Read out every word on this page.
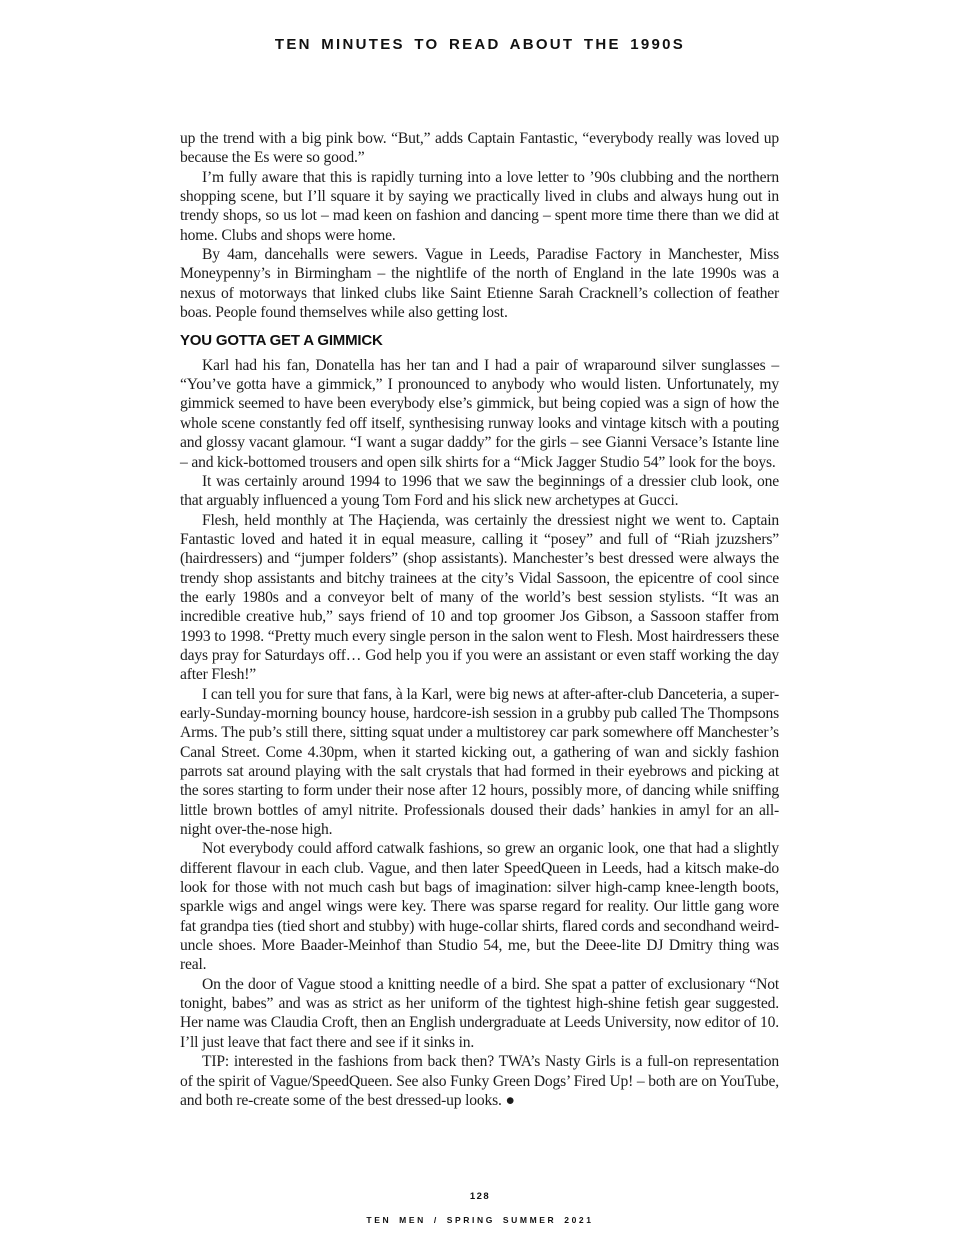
TEN MINUTES TO READ ABOUT THE 1990S

up the trend with a big pink bow. “But,” adds Captain Fantastic, “everybody really was loved up because the Es were so good.”

I’m fully aware that this is rapidly turning into a love letter to ’90s clubbing and the northern shopping scene, but I’ll square it by saying we practically lived in clubs and always hung out in trendy shops, so us lot – mad keen on fashion and dancing – spent more time there than we did at home. Clubs and shops were home.

By 4am, dancehalls were sewers. Vague in Leeds, Paradise Factory in Manchester, Miss Moneypenny’s in Birmingham – the nightlife of the north of England in the late 1990s was a nexus of motorways that linked clubs like Saint Etienne Sarah Cracknell’s collection of feather boas. People found themselves while also getting lost.

YOU GOTTA GET A GIMMICK

Karl had his fan, Donatella has her tan and I had a pair of wraparound silver sunglasses – “You’ve gotta have a gimmick,” I pronounced to anybody who would listen. Unfortunately, my gimmick seemed to have been everybody else’s gimmick, but being copied was a sign of how the whole scene constantly fed off itself, synthesising runway looks and vintage kitsch with a pouting and glossy vacant glamour. “I want a sugar daddy” for the girls – see Gianni Versace’s Istante line – and kick-bottomed trousers and open silk shirts for a “Mick Jagger Studio 54” look for the boys.

It was certainly around 1994 to 1996 that we saw the beginnings of a dressier club look, one that arguably influenced a young Tom Ford and his slick new archetypes at Gucci.

Flesh, held monthly at The Haçienda, was certainly the dressiest night we went to. Captain Fantastic loved and hated it in equal measure, calling it “posey” and full of “Riah jzuzshers” (hairdressers) and “jumper folders” (shop assistants). Manchester’s best dressed were always the trendy shop assistants and bitchy trainees at the city’s Vidal Sassoon, the epicentre of cool since the early 1980s and a conveyor belt of many of the world’s best session stylists. “It was an incredible creative hub,” says friend of 10 and top groomer Jos Gibson, a Sassoon staffer from 1993 to 1998. “Pretty much every single person in the salon went to Flesh. Most hairdressers these days pray for Saturdays off… God help you if you were an assistant or even staff working the day after Flesh!”

I can tell you for sure that fans, à la Karl, were big news at after-after-club Danceteria, a super-early-Sunday-morning bouncy house, hardcore-ish session in a grubby pub called The Thompsons Arms. The pub’s still there, sitting squat under a multistorey car park somewhere off Manchester’s Canal Street. Come 4.30pm, when it started kicking out, a gathering of wan and sickly fashion parrots sat around playing with the salt crystals that had formed in their eyebrows and picking at the sores starting to form under their nose after 12 hours, possibly more, of dancing while sniffing little brown bottles of amyl nitrite. Professionals doused their dads’ hankies in amyl for an all-night over-the-nose high.

Not everybody could afford catwalk fashions, so grew an organic look, one that had a slightly different flavour in each club. Vague, and then later SpeedQueen in Leeds, had a kitsch make-do look for those with not much cash but bags of imagination: silver high-camp knee-length boots, sparkle wigs and angel wings were key. There was sparse regard for reality. Our little gang wore fat grandpa ties (tied short and stubby) with huge-collar shirts, flared cords and secondhand weird-uncle shoes. More Baader-Meinhof than Studio 54, me, but the Deee-lite DJ Dmitry thing was real.

On the door of Vague stood a knitting needle of a bird. She spat a patter of exclusionary “Not tonight, babes” and was as strict as her uniform of the tightest high-shine fetish gear suggested. Her name was Claudia Croft, then an English undergraduate at Leeds University, now editor of 10. I’ll just leave that fact there and see if it sinks in.

TIP: interested in the fashions from back then? TWA’s Nasty Girls is a full-on representation of the spirit of Vague/SpeedQueen. See also Funky Green Dogs’ Fired Up! – both are on YouTube, and both re-create some of the best dressed-up looks. ●

128
TEN MEN / SPRING SUMMER 2021
